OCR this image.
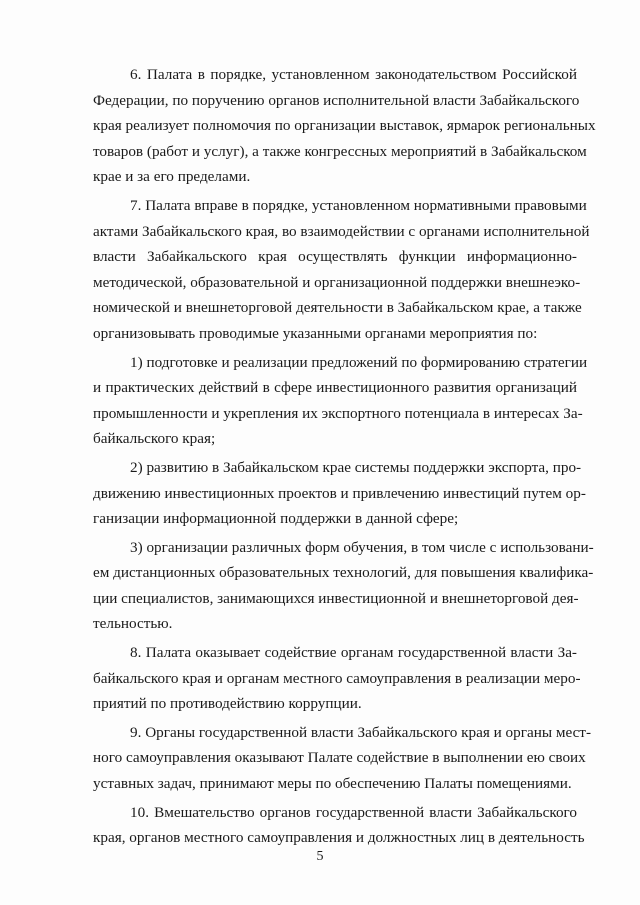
6. Палата в порядке, установленном законодательством Российской
Федерации, по поручению органов исполнительной власти Забайкальского
края реализует полномочия по организации выставок, ярмарок региональных
товаров (работ и услуг), а также конгрессных мероприятий в Забайкальском
крае и за его пределами.
7. Палата вправе в порядке, установленном нормативными правовыми
актами Забайкальского края, во взаимодействии с органами исполнительной
власти Забайкальского края осуществлять функции информационно-
методической, образовательной и организационной поддержки внешнеэко-
номической и внешнеторговой деятельности в Забайкальском крае, а также
организовывать проводимые указанными органами мероприятия по:
1) подготовке и реализации предложений по формированию стратегии
и практических действий в сфере инвестиционного развития организаций
промышленности и укрепления их экспортного потенциала в интересах За-
байкальского края;
2) развитию в Забайкальском крае системы поддержки экспорта, про-
движению инвестиционных проектов и привлечению инвестиций путем ор-
ганизации информационной поддержки в данной сфере;
3) организации различных форм обучения, в том числе с использовани-
ем дистанционных образовательных технологий, для повышения квалифика-
ции специалистов, занимающихся инвестиционной и внешнеторговой дея-
тельностью.
8. Палата оказывает содействие органам государственной власти За-
байкальского края и органам местного самоуправления в реализации меро-
приятий по противодействию коррупции.
9. Органы государственной власти Забайкальского края и органы мест-
ного самоуправления оказывают Палате содействие в выполнении ею своих
уставных задач, принимают меры по обеспечению Палаты помещениями.
10. Вмешательство органов государственной власти Забайкальского
края, органов местного самоуправления и должностных лиц в деятельность
5
